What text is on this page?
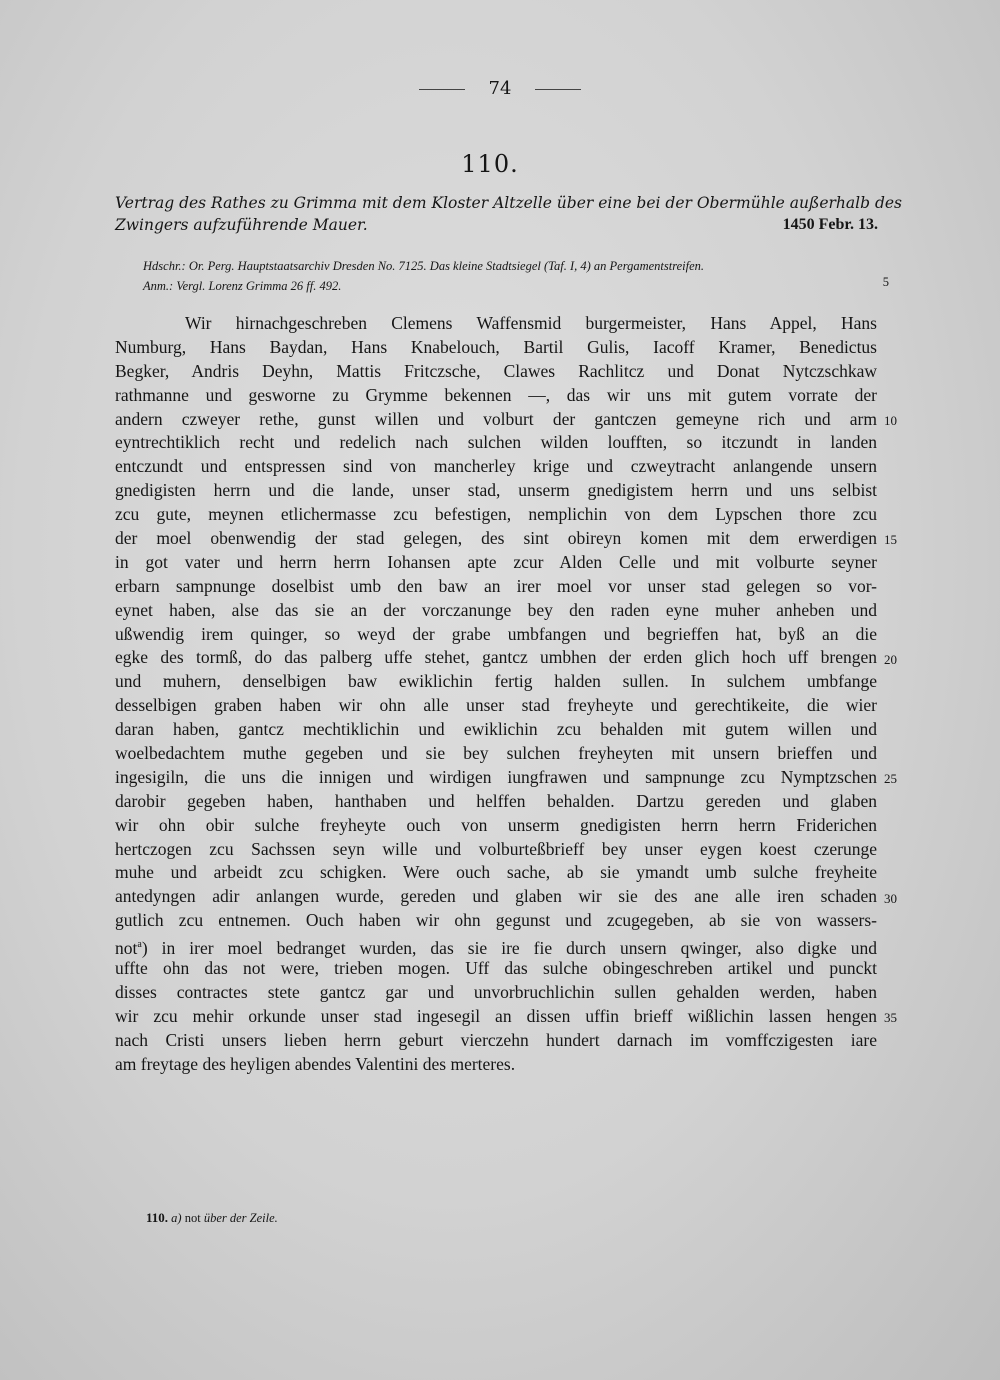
74
110.
Vertrag des Rathes zu Grimma mit dem Kloster Altzelle über eine bei der Obermühle außerhalb des
Zwingers aufzuführende Mauer.	1450 Febr. 13.
Hdschr.: Or. Perg. Hauptstaatsarchiv Dresden No. 7125. Das kleine Stadtsiegel (Taf. I, 4) an Pergamentstreifen.
Anm.: Vergl. Lorenz Grimma 26 ff. 492.	5
Wir hirnachgeschreben Clemens Waffensmid burgermeister, Hans Appel, Hans
Numburg, Hans Baydan, Hans Knabelouch, Bartil Gulis, Iacoff Kramer, Benedictus
Begker, Andris Deyhn, Mattis Fritczsche, Clawes Rachlitcz und Donat Nytczschkaw
rathmanne und gesworne zu Grymme bekennen —, das wir uns mit gutem vorrate der
andern czweyer rethe, gunst willen und volburt der gantczen gemeyne rich und arm
eyntrechtiklich recht und redelich nach sulchen wilden loufften, so itczundt in landen
entczundt und entspressen sind von mancherley krige und czweytracht anlangende unsern
gnedigisten herrn und die lande, unser stad, unserm gnedigistem herrn und uns selbist
zcu gute, meynen etlichermasse zcu befestigen, nemplichin von dem Lypschen thore zcu
der moel obenwendig der stad gelegen, des sint obireyn komen mit dem erwerdigen
in got vater und herrn herrn Iohansen apte zcur Alden Celle und mit volburte seyner
erbarn sampnunge doselbist umb den baw an irer moel vor unser stad gelegen so vor-
eynet haben, alse das sie an der vorczanunge bey den raden eyne muher anheben und
ußwendig irem quinger, so weyd der grabe umbfangen und begrieffen hat, byß an die
egke des tormß, do das palberg uffe stehet, gantcz umbhen der erden glich hoch uff brengen
und muhern, denselbigen baw ewiklichin fertig halden sullen. In sulchem umbfange
desselbigen graben haben wir ohn alle unser stad freyheyte und gerechtikeite, die wier
daran haben, gantcz mechtiklichin und ewiklichin zcu behalden mit gutem willen und
woelbedachtem muthe gegeben und sie bey sulchen freyheyten mit unsern brieffen und
ingesigiln, die uns die innigen und wirdigen iungfrawen und sampnunge zcu Nymptzschen
darobir gegeben haben, hanthaben und helffen behalden. Dartzu gereden und glaben
wir ohn obir sulche freyheyte ouch von unserm gnedigisten herrn herrn Friderichen
hertczogen zcu Sachssen seyn wille und volburteßbrieff bey unser eygen koest czerunge
muhe und arbeidt zcu schigken. Were ouch sache, ab sie ymandt umb sulche freyheite
antedyngen adir anlangen wurde, gereden und glaben wir sie des ane alle iren schaden
gutlich zcu entnemen. Ouch haben wir ohn gegunst und zcugegeben, ab sie von wassers-
not$^a$) in irer moel bedranget wurden, das sie ire fie durch unsern qwinger, also digke und
uffte ohn das not were, trieben mogen. Uff das sulche obingeschreben artikel und punckt
disses contractes stete gantcz gar und unvorbruchlichin sullen gehalden werden, haben
wir zcu mehir orkunde unser stad ingesegil an dissen uffin brieff wißlichin lassen hengen
nach Cristi unsers lieben herrn geburt vierczehn hundert darnach im vomffczigesten iare
am freytage des heyligen abendes Valentini des merteres.
110. a) not über der Zeile.
10
15
20
25
30
35
